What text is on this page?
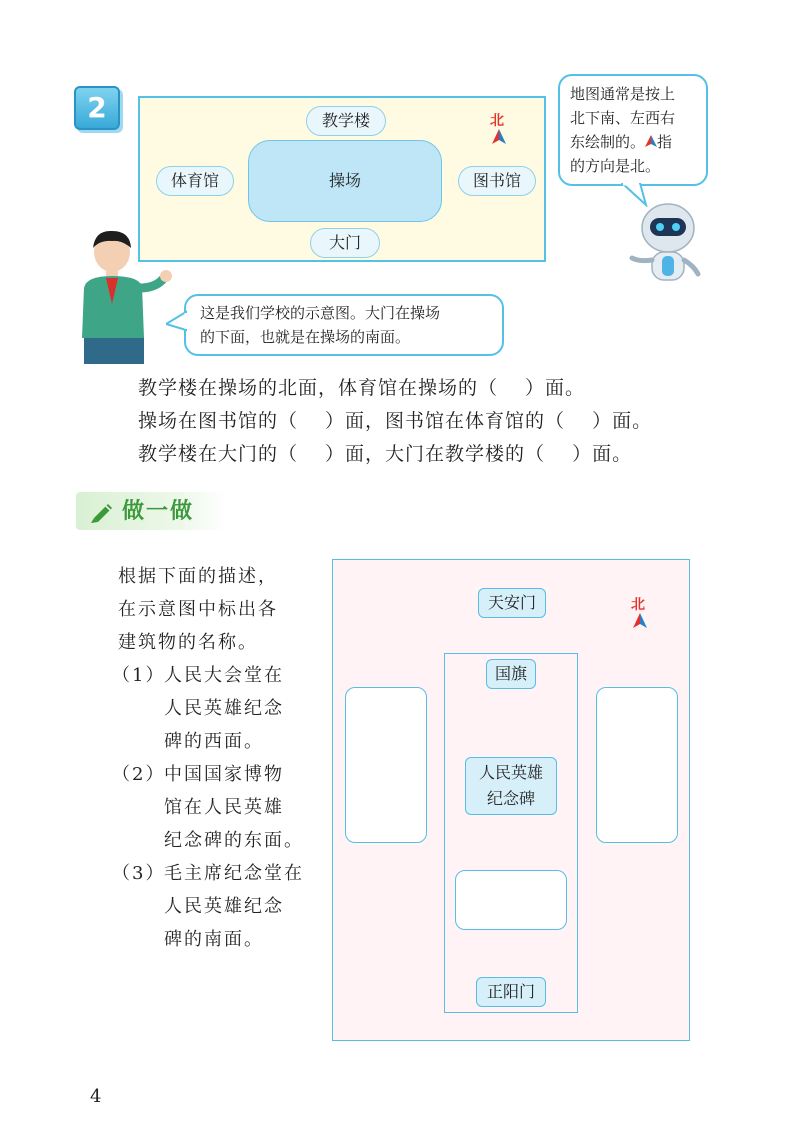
2	教学楼
体育馆	操场	图书馆
大门
北
地图通常是按上
北下南、左西右
东绘制的。 指
的方向是北。
这是我们学校的示意图。大门在操场
的下面，也就是在操场的南面。
教学楼在操场的北面，体育馆在操场的（　 ）面。
操场在图书馆的（　 ）面，图书馆在体育馆的（　 ）面。
教学楼在大门的（　 ）面，大门在教学楼的（　 ）面。
做一做
根据下面的描述，
在示意图中标出各
建筑物的名称。
（1）
人民大会堂在
人民英雄纪念
碑的西面。
（2）
中国国家博物
馆在人民英雄
纪念碑的东面。
（3）
毛主席纪念堂在
人民英雄纪念
碑的南面。
天安门	北
国旗
人民英雄
纪念碑
正阳门
4
